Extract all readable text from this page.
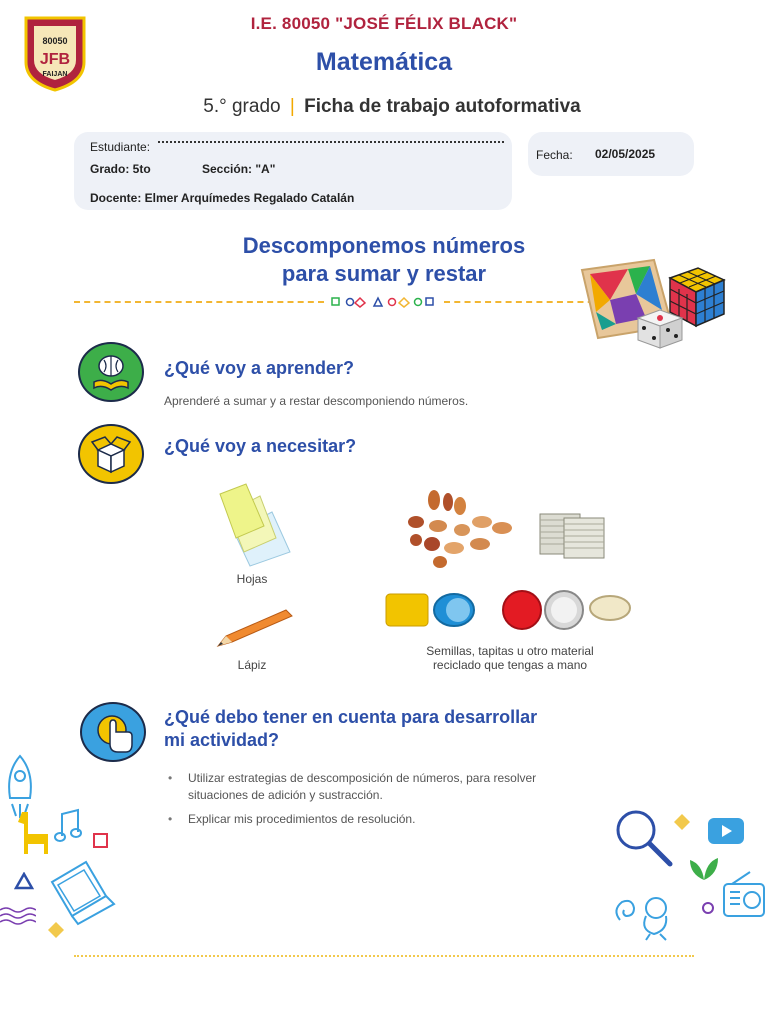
80050
JFB
FAIJAN
I.E. 80050 "JOSÉ FÉLIX BLACK"
Matemática
5.° grado | Ficha de trabajo autoformativa
Estudiante:
Grado: 5to	Sección: "A"
Docente: Elmer Arquímedes Regalado Catalán
Fecha: 02/05/2025
Descomponemos números
para sumar y restar
¿Qué voy a aprender?
Aprenderé a sumar y a restar descomponiendo números.
¿Qué voy a necesitar?
Hojas
Lápiz
Semillas, tapitas u otro material
reciclado que tengas a mano
¿Qué debo tener en cuenta para desarrollar
mi actividad?
• Utilizar estrategias de descomposición de números, para resolver situaciones de adición y sustracción.
• Explicar mis procedimientos de resolución.
